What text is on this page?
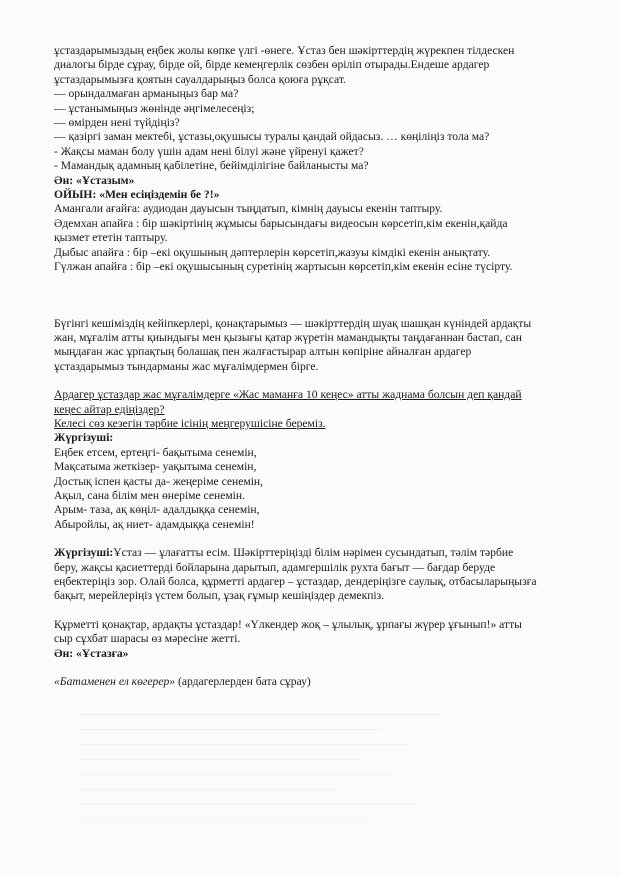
ұстаздарымыздың еңбек жолы көпке үлгі -өнеге. Ұстаз бен шәкірттердің жүрекпен тілдескен

диалогы бірде сұрау, бірде ой, бірде кемеңгерлік сөзбен өріліп отырады.Ендеше ардагер

ұстаздарымызға қоятын сауалдарыңыз болса қоюға рұқсат.

— орындалмаған арманыңыз бар ма?

— ұстанымыңыз жөнінде әңгімелесеңіз;

— өмірден нені түйдіңіз?

— қазіргі заман мектебі, ұстазы,оқушысы туралы қандай ойдасыз. … көңіліңіз тола ма?

- Жақсы маман болу үшін адам нені білуі және үйренуі қажет?

- Мамандық адамның қабілетіне, бейімділігіне байланысты ма?

Ән: «Ұстазым»

ОЙЫН: «Мен есіңіздемін бе ?!»

Амангали ағайға: аудиодан дауысын тыңдатып, кімнің дауысы екенін таптыру.

Әдемхан апайға : бір шәкіртінің жұмысы барысындағы видеосын көрсетіп,кім екенін,қайда

қызмет ететін таптыру.

Дыбыс апайға : бір –екі оқушының дәптерлерін көрсетіп,жазуы кімдікі екенін анықтату.

Гүлжан апайға : бір –екі оқушысының суретінің жартысын көрсетіп,кім екенін есіне түсірту.

Бүгінгі кешіміздің кейіпкерлері, қонақтарымыз — шәкірттердің шуақ шашқан күніндей ардақты

жан, мұғалім атты қиындығы мен қызығы қатар жүретін мамандықты таңдағаннан бастап, сан

мыңдаған жас ұрпақтың болашақ пен жалғастырар алтын көпіріне айналған ардагер

ұстаздарымыз тындарманы жас мұғалімдермен бірге.

Ардагер ұстаздар жас мұғалімдерге «Жас маманға 10 кеңес» атты жаднама болсын деп қандай

кеңес айтар едіңіздер?

Келесі сөз кезегін тәрбие ісінің меңгерушісіне береміз.

Жүргізуші:

Еңбек етсем, ертеңгі- бақытыма сенемін,

Мақсатыма жеткізер- уақытыма сенемін,

Достық іспен қасты да- жеңеріме сенемін,

Ақыл, сана білім мен өнеріме сенемін.

Арым- таза, ақ көңіл- адалдыққа сенемін,

Абыройлы, ақ ниет- адамдыққа сенемін!

Жүргізуші:Ұстаз — ұлағатты есім. Шәкірттеріңізді білім нәрімен сусындатып, тәлім тәрбие

беру, жақсы қасиеттерді бойларына дарытып, адамгершілік рухта бағыт — бағдар беруде

еңбектеріңіз зор. Олай болса, құрметті ардагер – ұстаздар, дендеріңізге саулық, отбасыларыңызға

бақыт, мерейлеріңіз үстем болып, ұзақ ғұмыр кешіңіздер демекпіз.

Құрметті қонақтар, ардақты ұстаздар! «Үлкендер жоқ – ұлылық, ұрпағы жүрер ұғынып!» атты

сыр сұхбат шарасы өз мәресіне жетті.

Ән: «Ұстазға»

«Батаменен ел көгерер» (ардагерлерден бата сұрау)
